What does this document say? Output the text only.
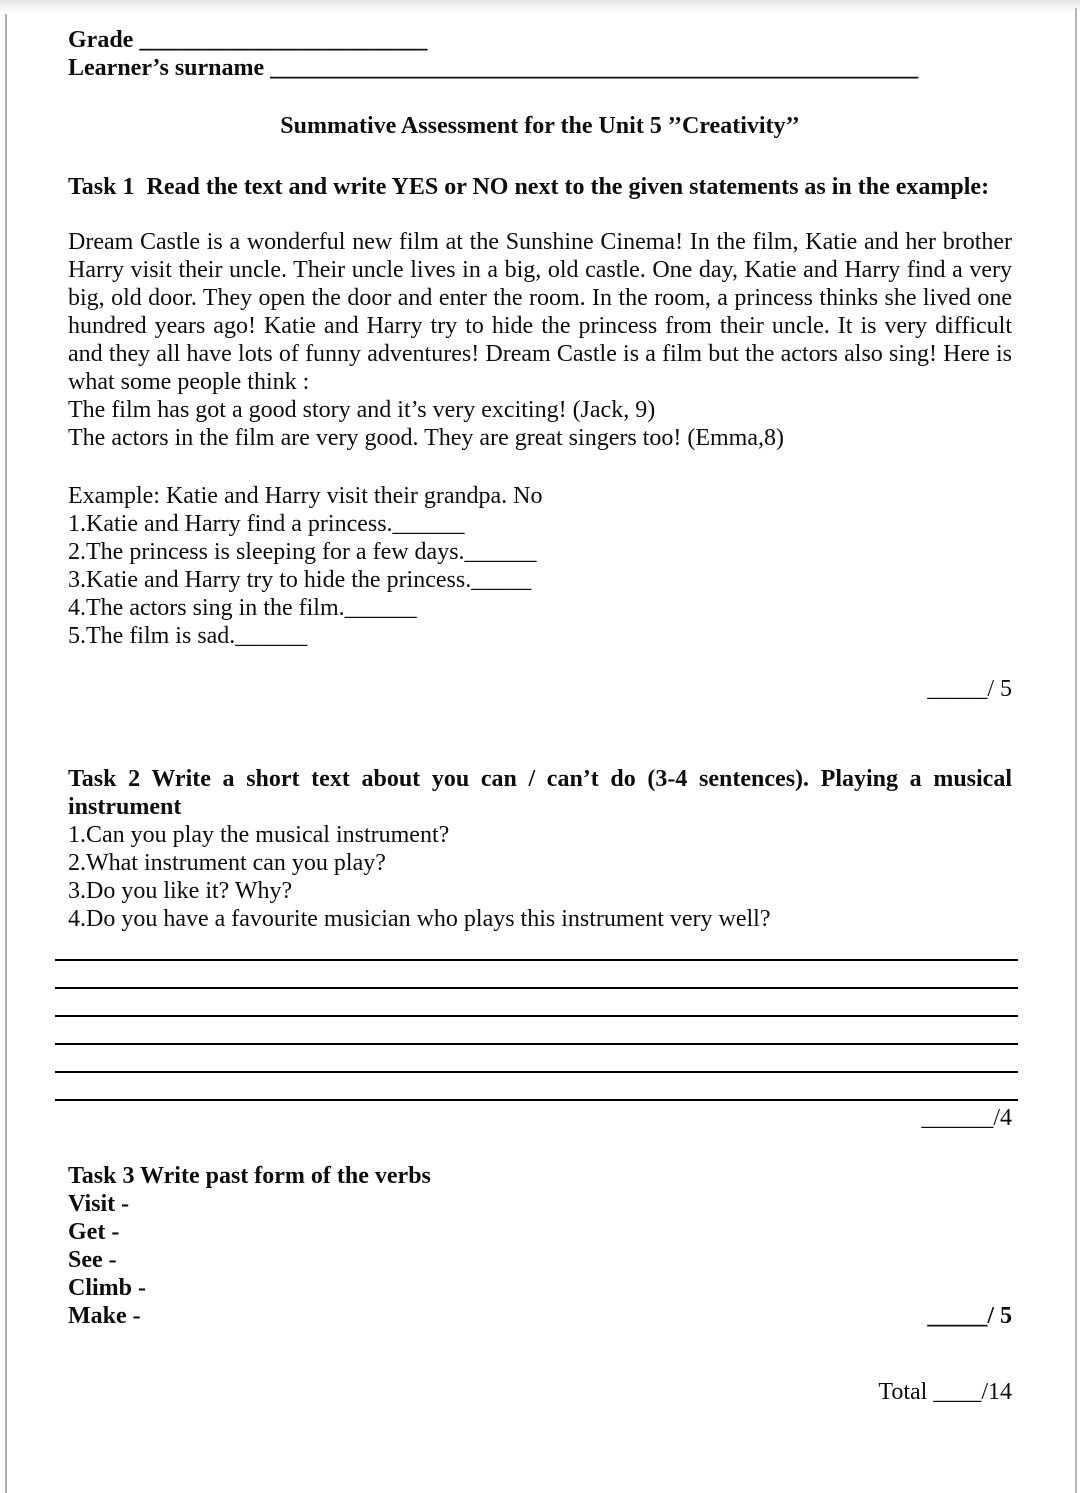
Grade ________________________
Learner’s surname ______________________________________________________
Summative Assessment for the Unit 5 ’’Creativity’’
Task 1  Read the text and write YES or NO next to the given statements as in the example:
Dream Castle is a wonderful new film at the Sunshine Cinema! In the film, Katie and her brother Harry visit their uncle. Their uncle lives in a big, old castle. One day, Katie and Harry find a very big, old door. They open the door and enter the room. In the room, a princess thinks she lived one hundred years ago! Katie and Harry try to hide the princess from their uncle. It is very difficult and they all have lots of funny adventures! Dream Castle is a film but the actors also sing! Here is what some people think :
The film has got a good story and it’s very exciting! (Jack, 9)
The actors in the film are very good. They are great singers too! (Emma,8)
Example: Katie and Harry visit their grandpa. No
1.Katie and Harry find a princess.______
2.The princess is sleeping for a few days.______
3.Katie and Harry try to hide the princess._____
4.The actors sing in the film.______
5.The film is sad.______
_____/ 5
Task 2 Write a short text about you can / can’t do (3-4 sentences). Playing a musical instrument
1.Can you play the musical instrument?
2.What instrument can you play?
3.Do you like it? Why?
4.Do you have a favourite musician who plays this instrument very well?
______/4
Task 3 Write past form of the verbs
Visit -
Get -
See -
Climb -
Make -	_____/ 5
Total ____/14
